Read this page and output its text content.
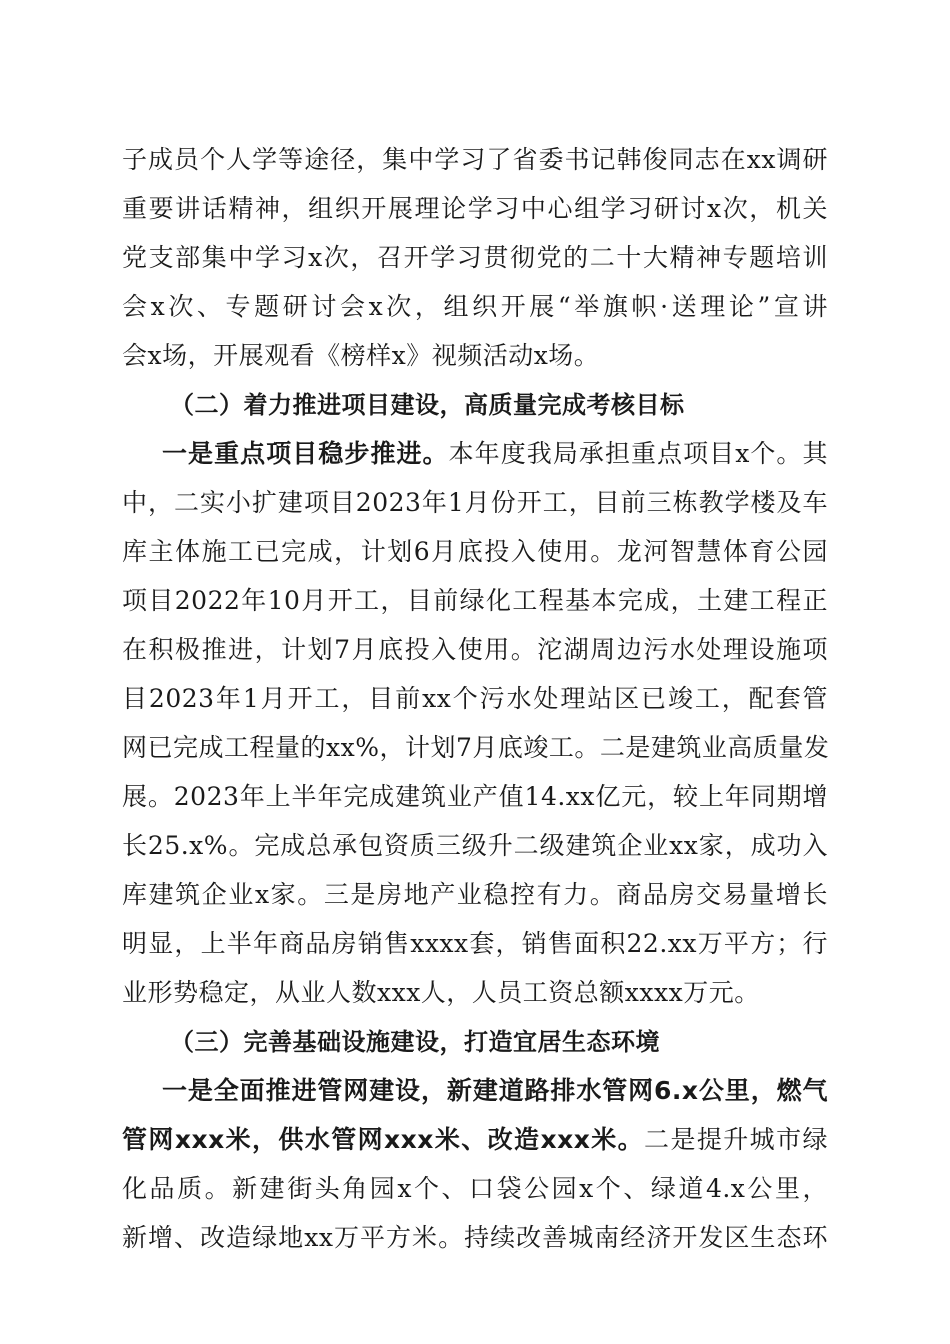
子成员个人学等途径，集中学习了省委书记韩俊同志在xx调研
重要讲话精神，组织开展理论学习中心组学习研讨x次，机关
党支部集中学习x次，召开学习贯彻党的二十大精神专题培训
会x次、专题研讨会x次，组织开展“举旗帜·送理论”宣讲
会x场，开展观看《榜样x》视频活动x场。
（二）着力推进项目建设，高质量完成考核目标
一是重点项目稳步推进。本年度我局承担重点项目x个。其
中，二实小扩建项目2023年1月份开工，目前三栋教学楼及车
库主体施工已完成，计划6月底投入使用。龙河智慧体育公园
项目2022年10月开工，目前绿化工程基本完成，土建工程正
在积极推进，计划7月底投入使用。沱湖周边污水处理设施项
目2023年1月开工，目前xx个污水处理站区已竣工，配套管
网已完成工程量的xx%，计划7月底竣工。二是建筑业高质量发
展。2023年上半年完成建筑业产值14.xx亿元，较上年同期增
长25.x%。完成总承包资质三级升二级建筑企业xx家，成功入
库建筑企业x家。三是房地产业稳控有力。商品房交易量增长
明显，上半年商品房销售xxxx套，销售面积22.xx万平方；行
业形势稳定，从业人数xxx人，人员工资总额xxxx万元。
（三）完善基础设施建设，打造宜居生态环境
一是全面推进管网建设，新建道路排水管网6.x公里，燃气
管网xxx米，供水管网xxx米、改造xxx米。二是提升城市绿
化品质。新建街头角园x个、口袋公园x个、绿道4.x公里，
新增、改造绿地xx万平方米。持续改善城南经济开发区生态环
